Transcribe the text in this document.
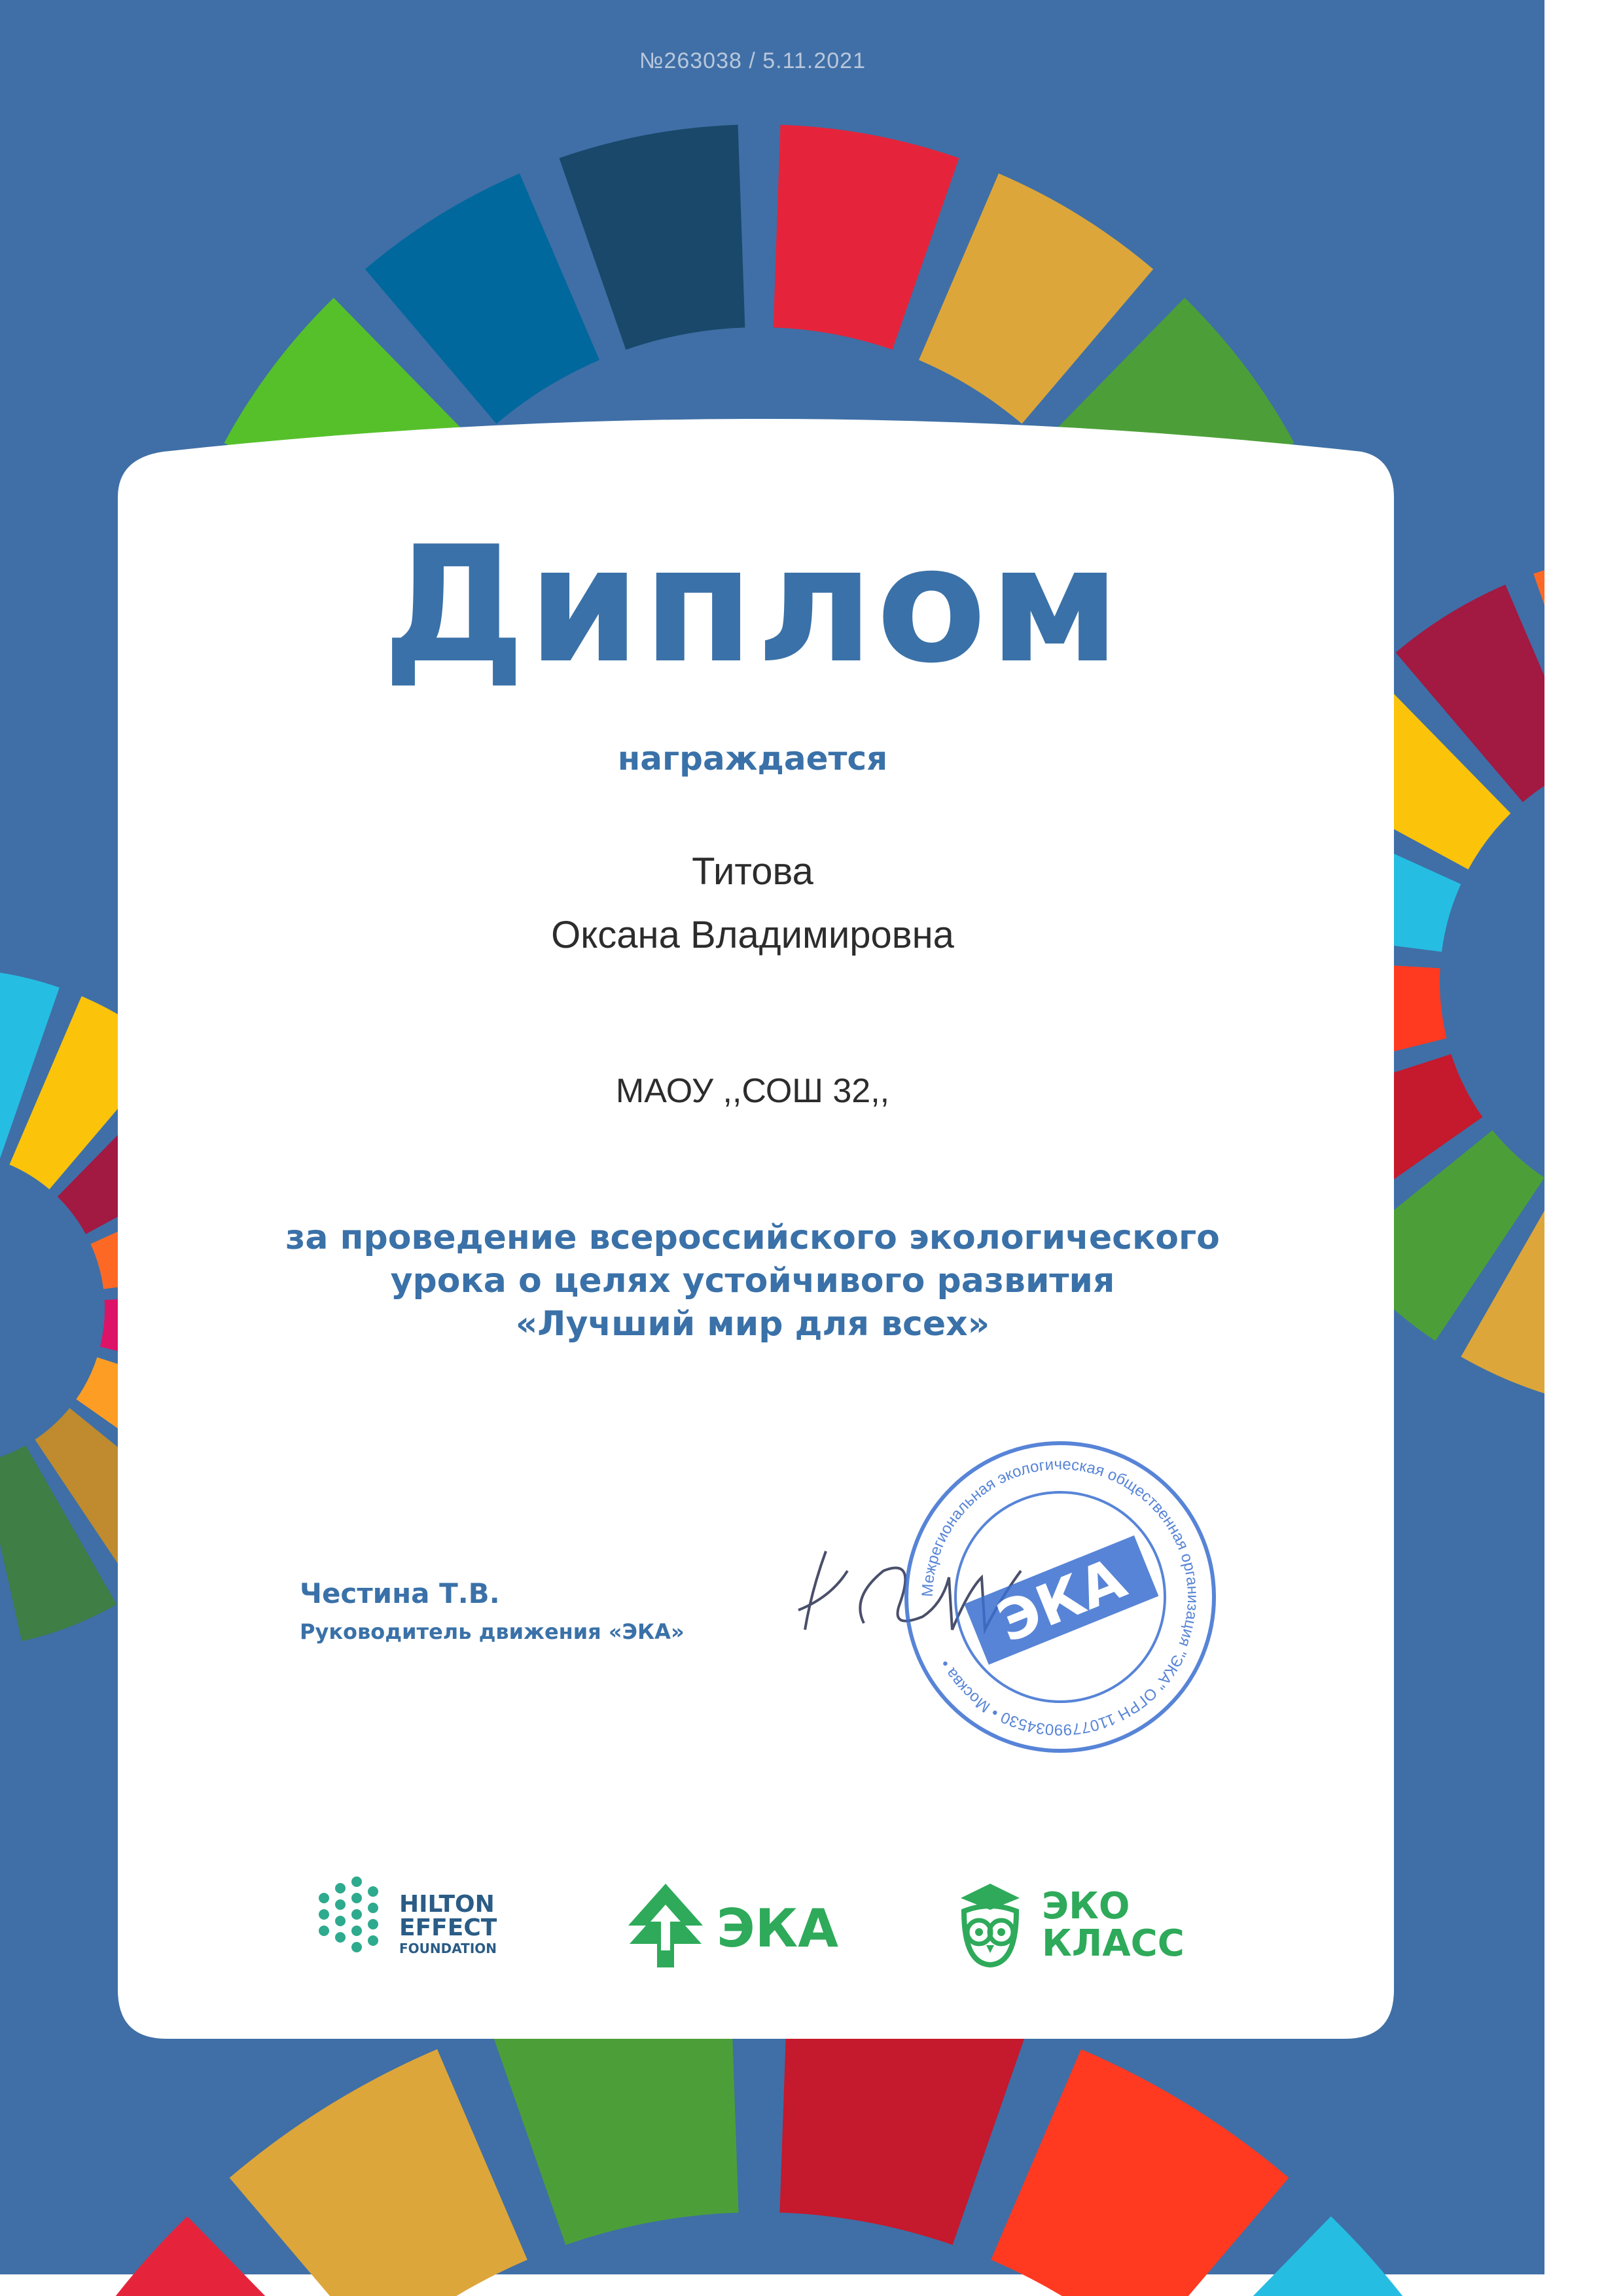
№263038 / 5.11.2021
Диплом
награждается
Титова
Оксана Владимировна
МАОУ ,,СОШ 32,,
за проведение всероссийского экологического
урока о целях устойчивого развития
«Лучший мир для всех»
Честина Т.В.
Руководитель движения «ЭКА»
Межрегиональная экологическая общественная организация "ЭКА" ОГРН 1107799034530 • Москва •
ЭКА
HILTON
EFFECT
FOUNDATION	ЭКА	ЭКО
КЛАСС
